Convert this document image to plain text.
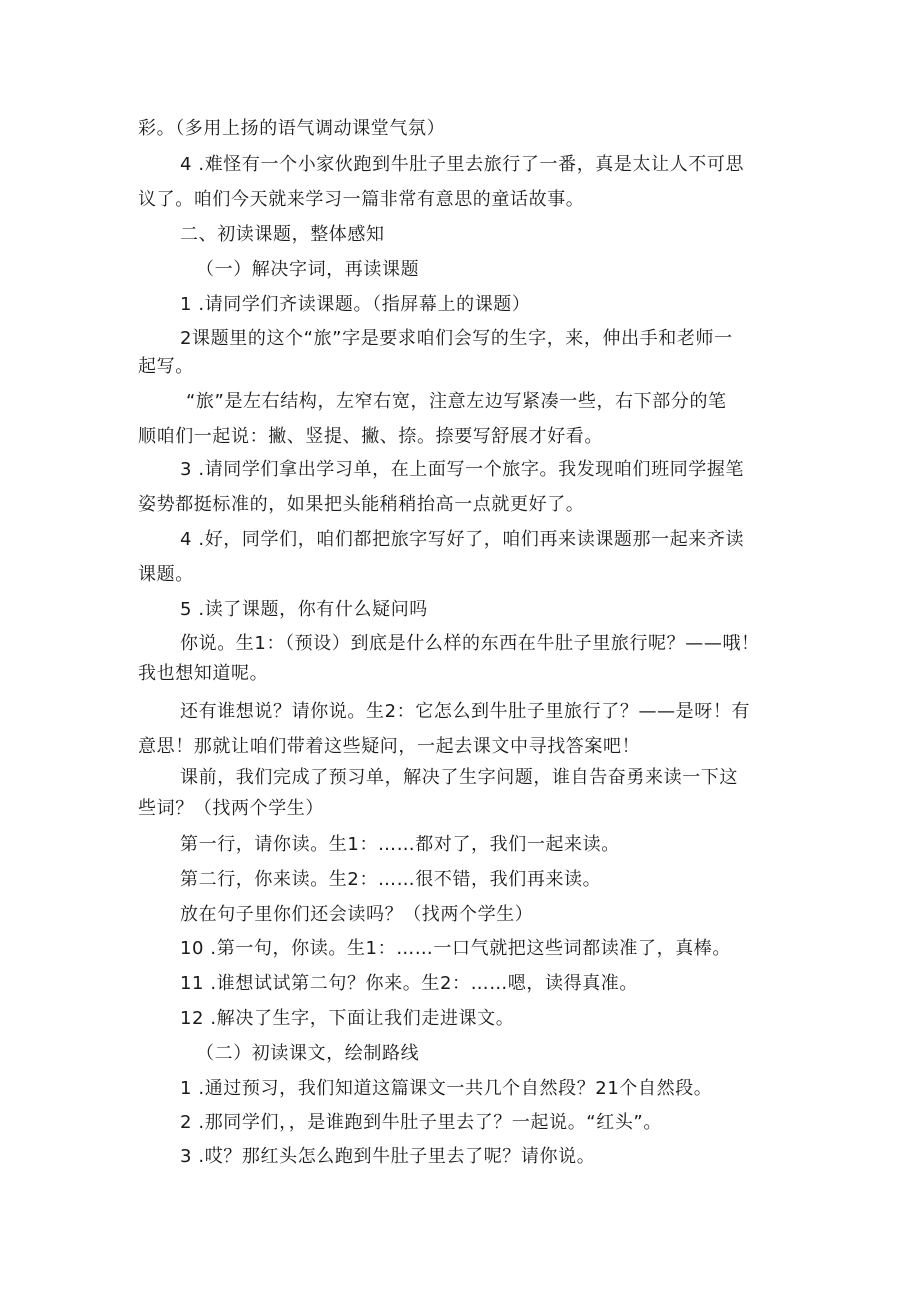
彩。（多用上扬的语气调动课堂气氛）
4 .难怪有一个小家伙跑到牛肚子里去旅行了一番，真是太让人不可思
议了。咱们今天就来学习一篇非常有意思的童话故事。
二、初读课题，整体感知
（一）解决字词，再读课题
1 .请同学们齐读课题。（指屏幕上的课题）
2课题里的这个“旅”字是要求咱们会写的生字，来，伸出手和老师一
起写。
“旅”是左右结构，左窄右宽，注意左边写紧凑一些，右下部分的笔
顺咱们一起说：撇、竖提、撇、捺。捺要写舒展才好看。
3 .请同学们拿出学习单，在上面写一个旅字。我发现咱们班同学握笔
姿势都挺标准的，如果把头能稍稍抬高一点就更好了。
4 .好，同学们，咱们都把旅字写好了，咱们再来读课题那一起来齐读
课题。
5 .读了课题，你有什么疑问吗
你说。生1：（预设）到底是什么样的东西在牛肚子里旅行呢？——哦！
我也想知道呢。
还有谁想说？请你说。生2：它怎么到牛肚子里旅行了？——是呀！有
意思！那就让咱们带着这些疑问，一起去课文中寻找答案吧！
课前，我们完成了预习单，解决了生字问题，谁自告奋勇来读一下这
些词？（找两个学生）
第一行，请你读。生1：……都对了，我们一起来读。
第二行，你来读。生2：……很不错，我们再来读。
放在句子里你们还会读吗？（找两个学生）
10 .第一句，你读。生1：……一口气就把这些词都读准了，真棒。
11 .谁想试试第二句？你来。生2：……嗯，读得真准。
12 .解决了生字，下面让我们走进课文。
（二）初读课文，绘制路线
1 .通过预习，我们知道这篇课文一共几个自然段？21个自然段。
2 .那同学们，，是谁跑到牛肚子里去了？一起说。“红头”。
3 .哎？那红头怎么跑到牛肚子里去了呢？请你说。
